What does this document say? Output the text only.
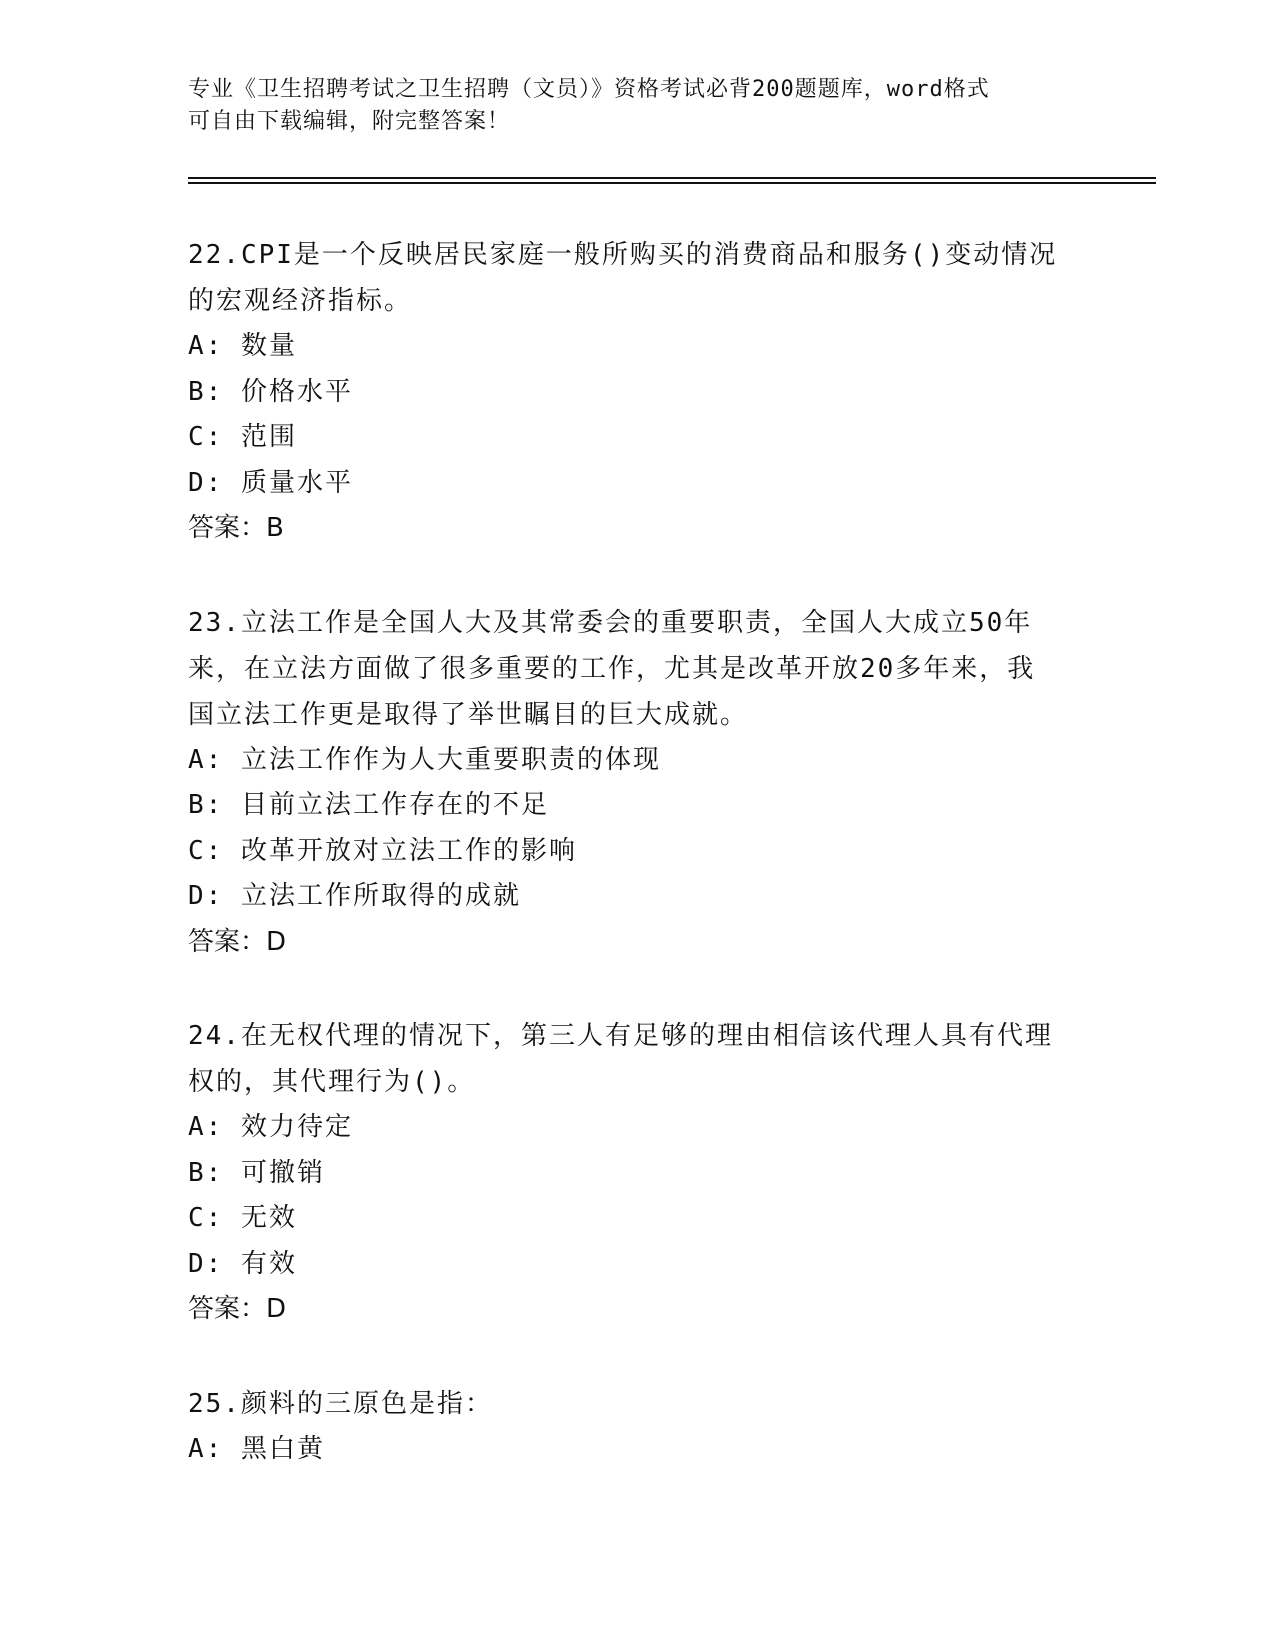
专业《卫生招聘考试之卫生招聘（文员）》资格考试必背200题题库，word格式
可自由下载编辑，附完整答案！

22.CPI是一个反映居民家庭一般所购买的消费商品和服务()变动情况

的宏观经济指标。

A: 数量

B: 价格水平

C: 范围

D: 质量水平

答案：B

23.立法工作是全国人大及其常委会的重要职责，全国人大成立50年

来，在立法方面做了很多重要的工作，尤其是改革开放20多年来，我

国立法工作更是取得了举世瞩目的巨大成就。

A: 立法工作作为人大重要职责的体现

B: 目前立法工作存在的不足

C: 改革开放对立法工作的影响

D: 立法工作所取得的成就

答案：D

24.在无权代理的情况下，第三人有足够的理由相信该代理人具有代理

权的，其代理行为()。

A: 效力待定

B: 可撤销

C: 无效

D: 有效

答案：D

25.颜料的三原色是指：

A: 黑白黄
